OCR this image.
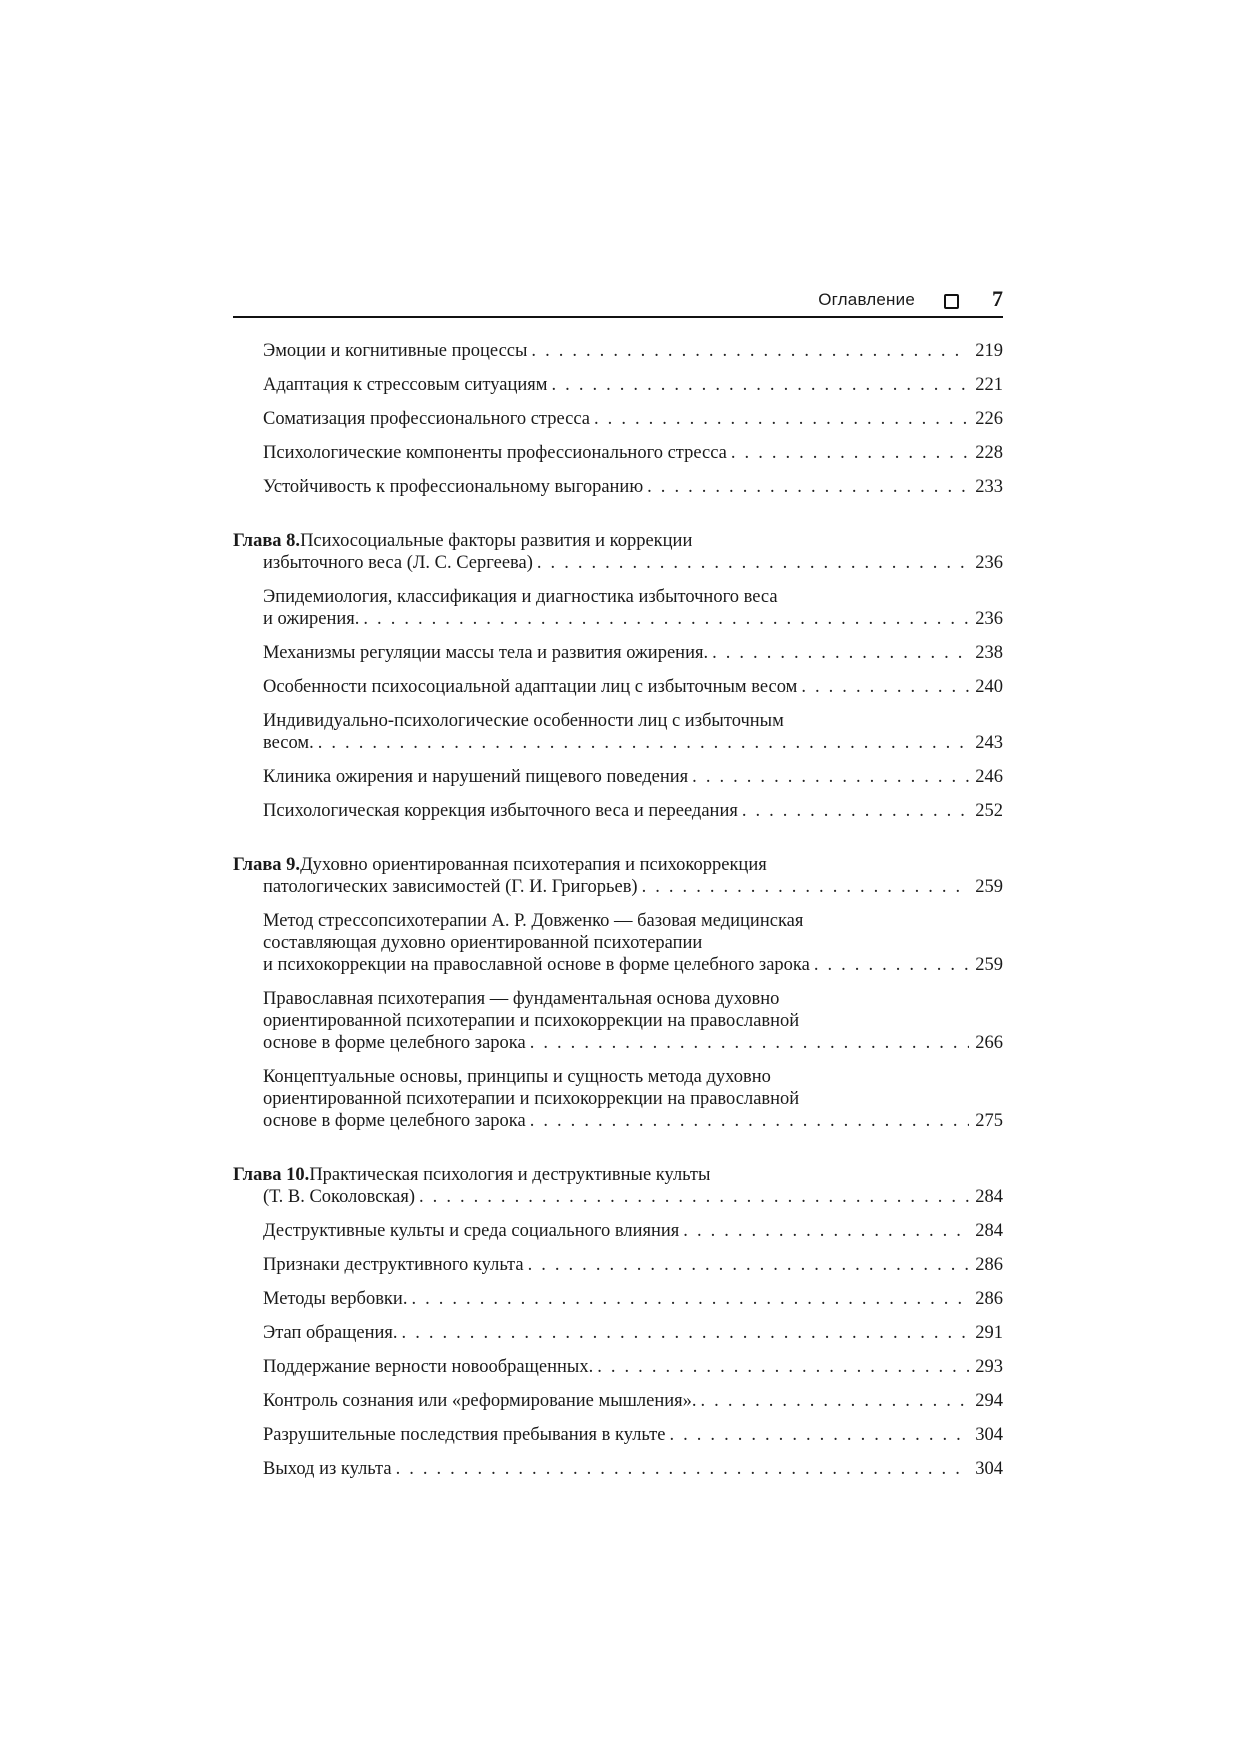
Оглавление	7
Эмоции и когнитивные процессы . . .	219
Адаптация к стрессовым ситуациям . . .	221
Соматизация профессионального стресса . . .	226
Психологические компоненты профессионального стресса . . .	228
Устойчивость к профессиональному выгоранию . . .	233
Глава 8. Психосоциальные факторы развития и коррекции
избыточного веса (Л. С. Сергеева) . . .	236
Эпидемиология, классификация и диагностика избыточного веса
и ожирения. . . .	236
Механизмы регуляции массы тела и развития ожирения. . . .	238
Особенности психосоциальной адаптации лиц с избыточным весом . . .	240
Индивидуально-психологические особенности лиц с избыточным
весом. . . .	243
Клиника ожирения и нарушений пищевого поведения . . .	246
Психологическая коррекция избыточного веса и переедания . . .	252
Глава 9. Духовно ориентированная психотерапия и психокоррекция
патологических зависимостей (Г. И. Григорьев) . . .	259
Метод стрессопсихотерапии А. Р. Довженко — базовая медицинская
составляющая духовно ориентированной психотерапии
и психокоррекции на православной основе в форме целебного зарока . . .	259
Православная психотерапия — фундаментальная основа духовно
ориентированной психотерапии и психокоррекции на православной
основе в форме целебного зарока . . .	266
Концептуальные основы, принципы и сущность метода духовно
ориентированной психотерапии и психокоррекции на православной
основе в форме целебного зарока . . .	275
Глава 10. Практическая психология и деструктивные культы
(Т. В. Соколовская) . . .	284
Деструктивные культы и среда социального влияния . . .	284
Признаки деструктивного культа . . .	286
Методы вербовки. . . .	286
Этап обращения. . . .	291
Поддержание верности новообращенных. . . .	293
Контроль сознания или «реформирование мышления». . . .	294
Разрушительные последствия пребывания в культе . . .	304
Выход из культа . . .	304
